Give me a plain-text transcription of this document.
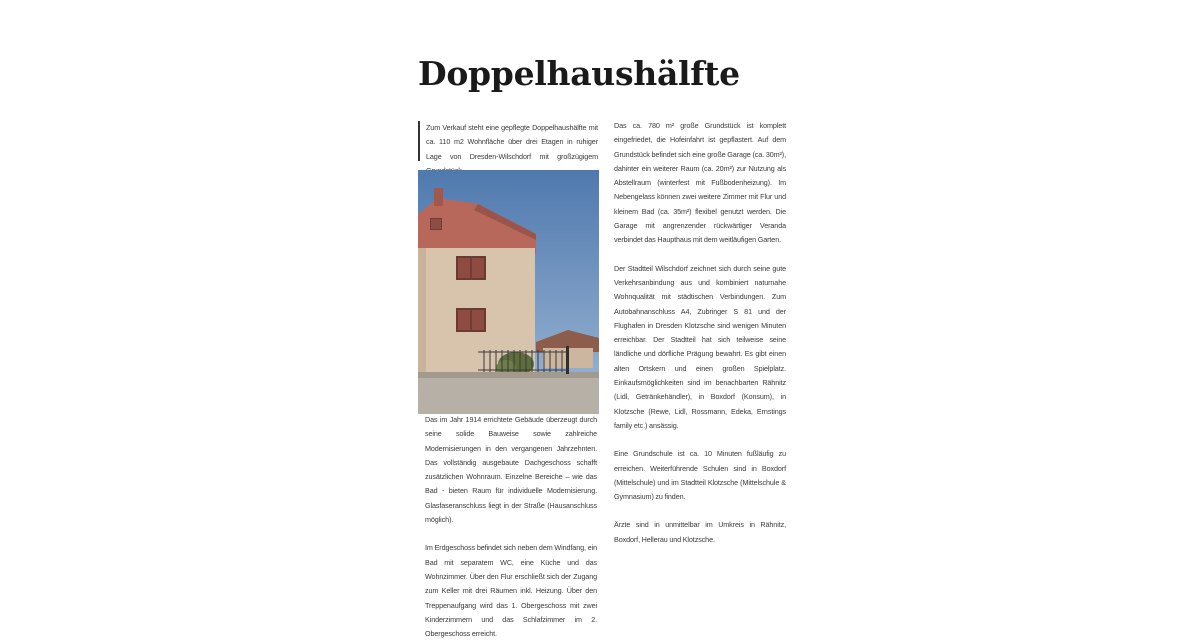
Doppelhaushälfte

Zum Verkauf steht eine gepflegte Doppelhaushälfte mit ca. 110 m2 Wohnfläche über drei Etagen in ruhiger Lage von Dresden-Wilschdorf mit großzügigem

Das im Jahr 1914 errichtete Gebäude überzeugt durch seine solide Bauweise sowie zahlreiche Modernisierungen in den vergangenen Jahrzehnten. Das vollständig ausgebaute Dachgeschoss schafft zusätzlichen Wohnraum. Einzelne Bereiche – wie das Bad - bieten Raum für individuelle Modernisierung. Glasfaseranschluss liegt in der Straße (Hausanschluss möglich).

Im Erdgeschoss befindet sich neben dem Windfang, ein Bad mit separatem WC, eine Küche und das Wohnzimmer. Über den Flur erschließt sich der Zugang zum Keller mit drei Räumen inkl. Heizung. Über den Treppenaufgang wird das 1. Obergeschoss mit zwei Kinderzimmern und das Schlafzimmer im 2. Obergeschoss erreicht.

Das ca. 780 m² große Grundstück ist komplett eingefriedet, die Hofeinfahrt ist gepflastert. Auf dem Grundstück befindet sich eine große Garage (ca. 30m²), dahinter ein weiterer Raum (ca. 20m²) zur Nutzung als Abstellraum (winterfest mit Fußbodenheizung). Im Nebengelass können zwei weitere Zimmer mit Flur und kleinem Bad (ca. 35m²) flexibel genutzt werden. Die Garage mit angrenzender rückwärtiger Veranda verbindet das Haupthaus mit dem weitläufigen Garten.

Der Stadtteil Wilschdorf zeichnet sich durch seine gute Verkehrsanbindung aus und kombiniert naturnahe Wohnqualität mit städtischen Verbindungen. Zum Autobahnanschluss A4, Zubringer S 81 und der Flughafen in Dresden Klotzsche sind wenigen Minuten erreichbar. Der Stadtteil hat sich teilweise seine ländliche und dörfliche Prägung bewahrt. Es gibt einen alten Ortskern und einen großen Spielplatz. Einkaufsmöglichkeiten sind im benachbarten Rähnitz (Lidl, Getränkehändler), in Boxdorf (Konsum), in Klotzsche (Rewe, Lidl, Rossmann, Edeka, Ernstings family etc.) ansässig.

Eine Grundschule ist ca. 10 Minuten fußläufig zu erreichen. Weiterführende Schulen sind in Boxdorf (Mittelschule) und im Stadtteil Klotzsche (Mittelschule & Gymnasium) zu finden.

Ärzte sind in unmittelbar im Umkreis in Rähnitz, Boxdorf, Hellerau und Klotzsche.
